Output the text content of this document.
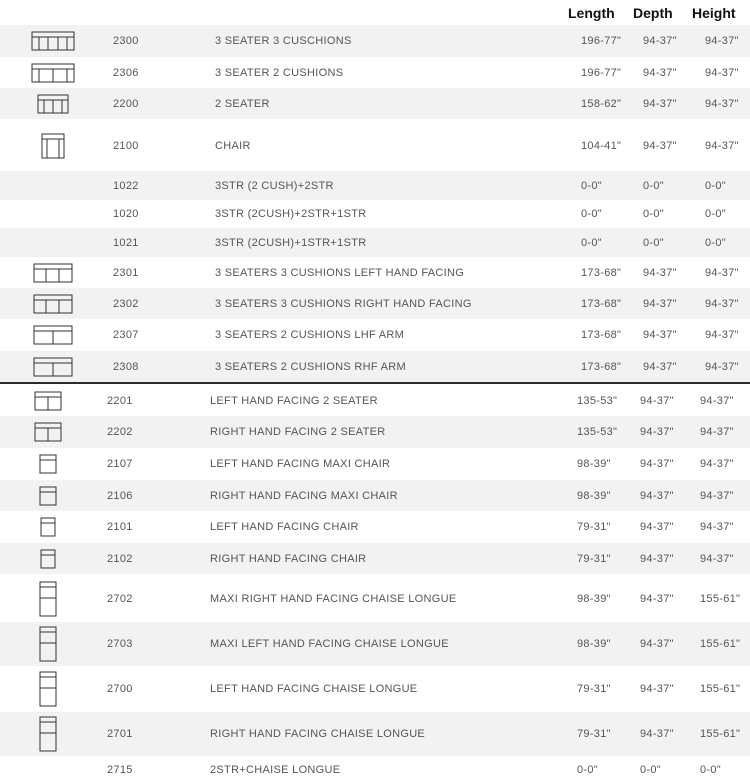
Length Depth Height
2300	3 SEATER 3 CUSCHIONS	196-77" 94-37"	94-37"
2306	3 SEATER 2 CUSHIONS	196-77" 94-37"	94-37"
2200	2 SEATER	158-62" 94-37"	94-37"
2100	CHAIR	104-41" 94-37"	94-37"
1022	3STR (2 CUSH)+2STR	0-0"	0-0"	0-0"
1020	3STR (2CUSH)+2STR+1STR	0-0"	0-0"	0-0"
1021	3STR (2CUSH)+1STR+1STR	0-0"	0-0"	0-0"
2301	3 SEATERS 3 CUSHIONS LEFT HAND FACING	173-68" 94-37"	94-37"
2302	3 SEATERS 3 CUSHIONS RIGHT HAND FACING	173-68" 94-37"	94-37"
2307	3 SEATERS 2 CUSHIONS LHF ARM	173-68" 94-37"	94-37"
2308	3 SEATERS 2 CUSHIONS RHF ARM	173-68" 94-37"	94-37"
2201	LEFT HAND FACING 2 SEATER	135-53" 94-37" 94-37"
2202	RIGHT HAND FACING 2 SEATER	135-53" 94-37" 94-37"
2107	LEFT HAND FACING MAXI CHAIR	98-39"	94-37" 94-37"
2106	RIGHT HAND FACING MAXI CHAIR	98-39"	94-37" 94-37"
2101	LEFT HAND FACING CHAIR	79-31"	94-37" 94-37"
2102	RIGHT HAND FACING CHAIR	79-31"	94-37" 94-37"
2702	MAXI RIGHT HAND FACING CHAISE LONGUE	98-39"	94-37" 155-61"
2703	MAXI LEFT HAND FACING CHAISE LONGUE	98-39"	94-37" 155-61"
2700	LEFT HAND FACING CHAISE LONGUE	79-31"	94-37" 155-61"
2701	RIGHT HAND FACING CHAISE LONGUE	79-31"	94-37" 155-61"
2715	2STR+CHAISE LONGUE	0-0"	0-0"	0-0"
